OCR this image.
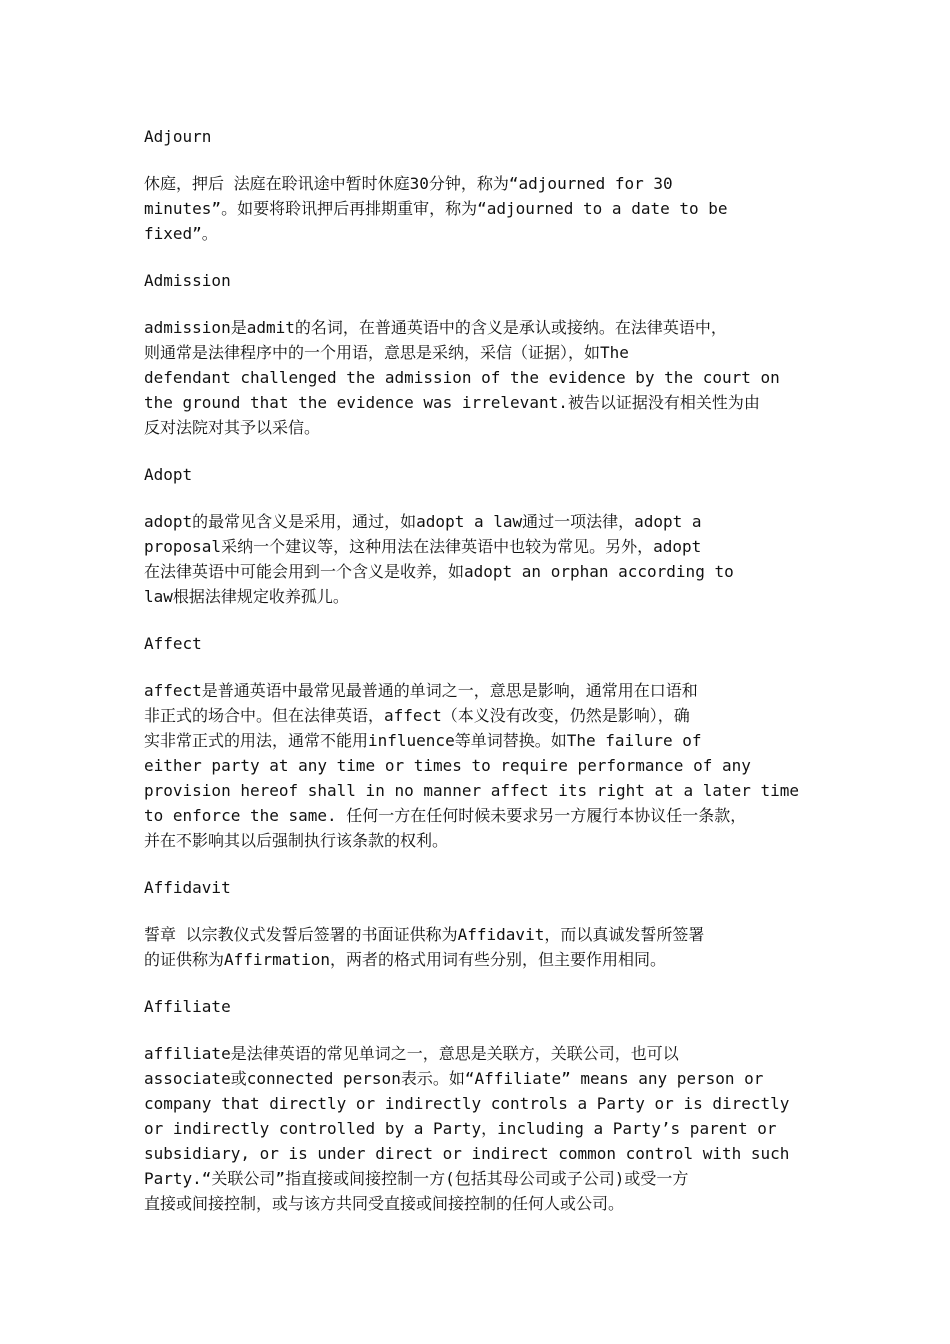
Adjourn

休庭，押后 法庭在聆讯途中暂时休庭30分钟，称为“adjourned for 30
minutes”。如要将聆讯押后再排期重审，称为“adjourned to a date to be
fixed”。

Admission

admission是admit的名词，在普通英语中的含义是承认或接纳。在法律英语中，
则通常是法律程序中的一个用语，意思是采纳，采信（证据），如The
defendant challenged the admission of the evidence by the court on
the ground that the evidence was irrelevant.被告以证据没有相关性为由
反对法院对其予以采信。

Adopt

adopt的最常见含义是采用，通过，如adopt a law通过一项法律，adopt a
proposal采纳一个建议等，这种用法在法律英语中也较为常见。另外，adopt
在法律英语中可能会用到一个含义是收养，如adopt an orphan according to
law根据法律规定收养孤儿。

Affect

affect是普通英语中最常见最普通的单词之一，意思是影响，通常用在口语和
非正式的场合中。但在法律英语，affect（本义没有改变，仍然是影响），确
实非常正式的用法，通常不能用influence等单词替换。如The failure of
either party at any time or times to require performance of any
provision hereof shall in no manner affect its right at a later time
to enforce the same. 任何一方在任何时候未要求另一方履行本协议任一条款，
并在不影响其以后强制执行该条款的权利。

Affidavit

誓章 以宗教仪式发誓后签署的书面证供称为Affidavit，而以真诚发誓所签署
的证供称为Affirmation，两者的格式用词有些分别，但主要作用相同。

Affiliate

affiliate是法律英语的常见单词之一，意思是关联方，关联公司，也可以
associate或connected person表示。如“Affiliate” means any person or
company that directly or indirectly controls a Party or is directly
or indirectly controlled by a Party，including a Party’s parent or
subsidiary, or is under direct or indirect common control with such
Party.“关联公司”指直接或间接控制一方(包括其母公司或子公司)或受一方
直接或间接控制，或与该方共同受直接或间接控制的任何人或公司。
